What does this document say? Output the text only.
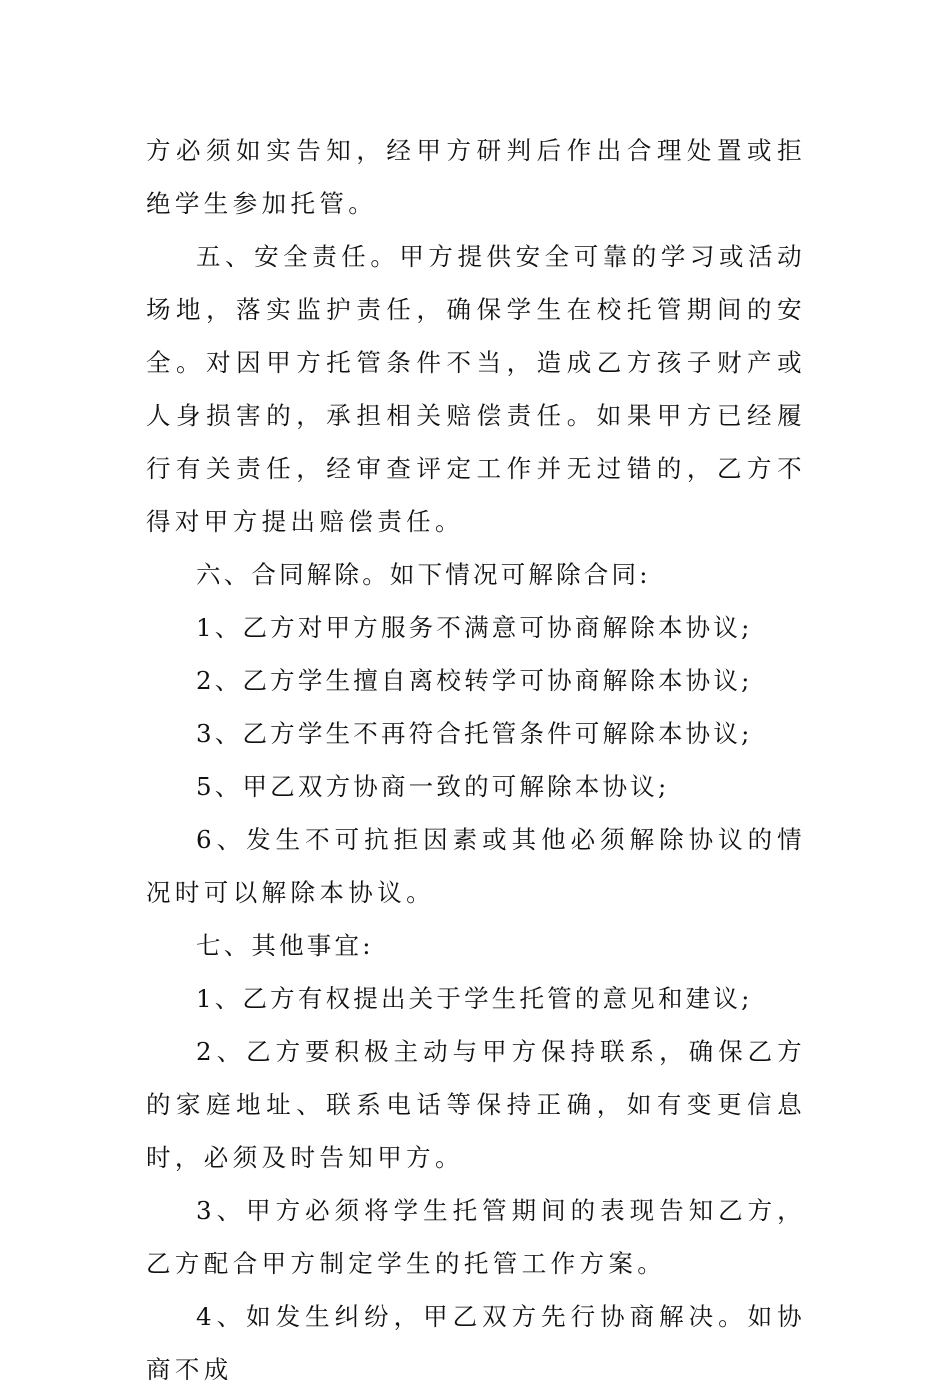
方必须如实告知，经甲方研判后作出合理处置或拒绝学生参加托管。

五、安全责任。甲方提供安全可靠的学习或活动场地，落实监护责任，确保学生在校托管期间的安全。对因甲方托管条件不当，造成乙方孩子财产或人身损害的，承担相关赔偿责任。如果甲方已经履行有关责任，经审查评定工作并无过错的，乙方不得对甲方提出赔偿责任。

六、合同解除。如下情况可解除合同:

1、乙方对甲方服务不满意可协商解除本协议;

2、乙方学生擅自离校转学可协商解除本协议;

3、乙方学生不再符合托管条件可解除本协议;

5、甲乙双方协商一致的可解除本协议;

6、发生不可抗拒因素或其他必须解除协议的情况时可以解除本协议。

七、其他事宜:

1、乙方有权提出关于学生托管的意见和建议;

2、乙方要积极主动与甲方保持联系，确保乙方的家庭地址、联系电话等保持正确，如有变更信息时，必须及时告知甲方。

3、甲方必须将学生托管期间的表现告知乙方，乙方配合甲方制定学生的托管工作方案。

4、如发生纠纷，甲乙双方先行协商解决。如协商不成
